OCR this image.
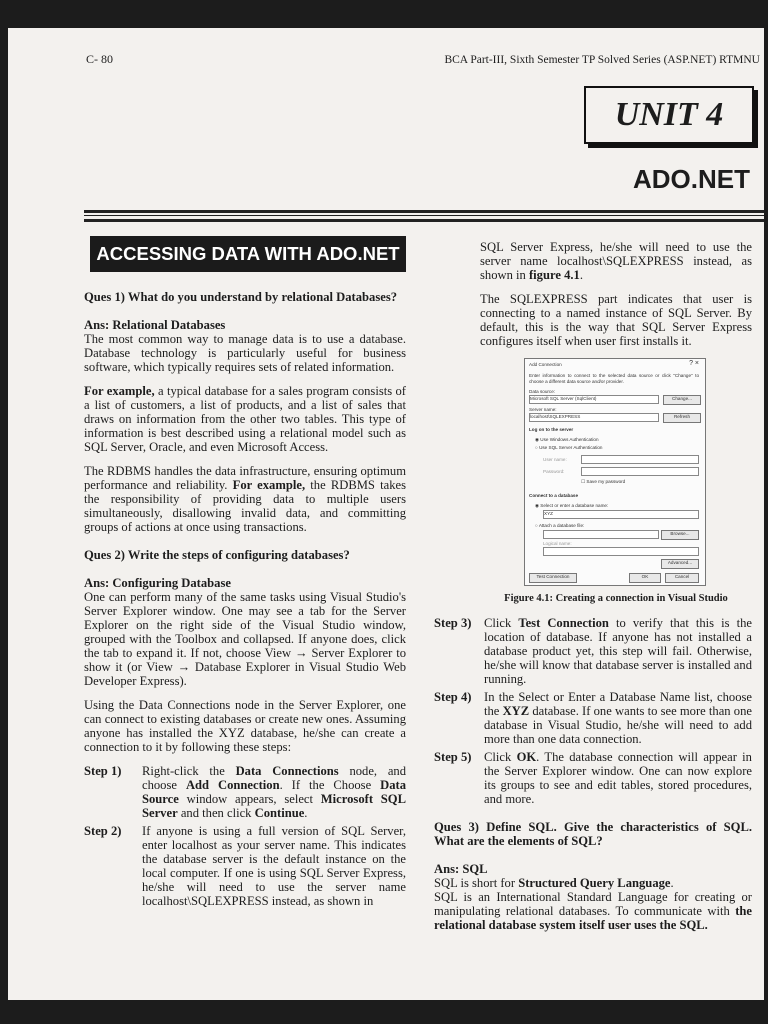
C- 80	BCA Part-III, Sixth Semester TP Solved Series (ASP.NET) RTMNU
UNIT 4
ADO.NET
ACCESSING DATA WITH ADO.NET

Ques 1) What do you understand by relational Databases?

Ans: Relational Databases
The most common way to manage data is to use a database. Database technology is particularly useful for business software, which typically requires sets of related information.

For example, a typical database for a sales program consists of a list of customers, a list of products, and a list of sales that draws on information from the other two tables. This type of information is best described using a relational model such as SQL Server, Oracle, and even Microsoft Access.

The RDBMS handles the data infrastructure, ensuring optimum performance and reliability. For example, the RDBMS takes the responsibility of providing data to multiple users simultaneously, disallowing invalid data, and committing groups of actions at once using transactions.

Ques 2) Write the steps of configuring databases?

Ans: Configuring Database
One can perform many of the same tasks using Visual Studio's Server Explorer window. One may see a tab for the Server Explorer on the right side of the Visual Studio window, grouped with the Toolbox and collapsed. If anyone does, click the tab to expand it. If not, choose View → Server Explorer to show it (or View → Database Explorer in Visual Studio Web Developer Express).

Using the Data Connections node in the Server Explorer, one can connect to existing databases or create new ones. Assuming anyone has installed the XYZ database, he/she can create a connection to it by following these steps:

Step 1)	Right-click the Data Connections node, and choose Add Connection. If the Choose Data Source window appears, select Microsoft SQL Server and then click Continue.
Step 2)	If anyone is using a full version of SQL Server, enter localhost as your server name. This indicates the database server is the default instance on the local computer. If one is using SQL Server Express, he/she will need to use the server name localhost\SQLEXPRESS instead, as shown in

SQL Server Express, he/she will need to use the server name localhost\SQLEXPRESS instead, as shown in figure 4.1.

The SQLEXPRESS part indicates that user is connecting to a named instance of SQL Server. By default, this is the way that SQL Server Express configures itself when user first installs it.

Add Connection	? ×
Enter information to connect to the selected data source or click "Change" to choose a different data source and/or provider.
Data source:
Microsoft SQL Server (SqlClient)	Change...
Server name:
localhost\SQLEXPRESS	Refresh
Log on to the server
◉ Use Windows Authentication
○ Use SQL Server Authentication
User name:
Password:
☐ Save my password
Connect to a database
◉ Select or enter a database name:
XYZ
○ Attach a database file:
Browse...
Logical name:
Advanced...
Test Connection	OK	Cancel
Figure 4.1: Creating a connection in Visual Studio
Step 3) Click Test Connection to verify that this is the location of database. If anyone has not installed a database product yet, this step will fail. Otherwise, he/she will know that database server is installed and running.
Step 4) In the Select or Enter a Database Name list, choose the XYZ database. If one wants to see more than one database in Visual Studio, he/she will need to add more than one data connection.
Step 5) Click OK. The database connection will appear in the Server Explorer window. One can now explore its groups to see and edit tables, stored procedures, and more.

Ques 3) Define SQL. Give the characteristics of SQL. What are the elements of SQL?

Ans: SQL
SQL is short for Structured Query Language.
SQL is an International Standard Language for creating or manipulating relational databases. To communicate with the relational database system itself user uses the SQL.
